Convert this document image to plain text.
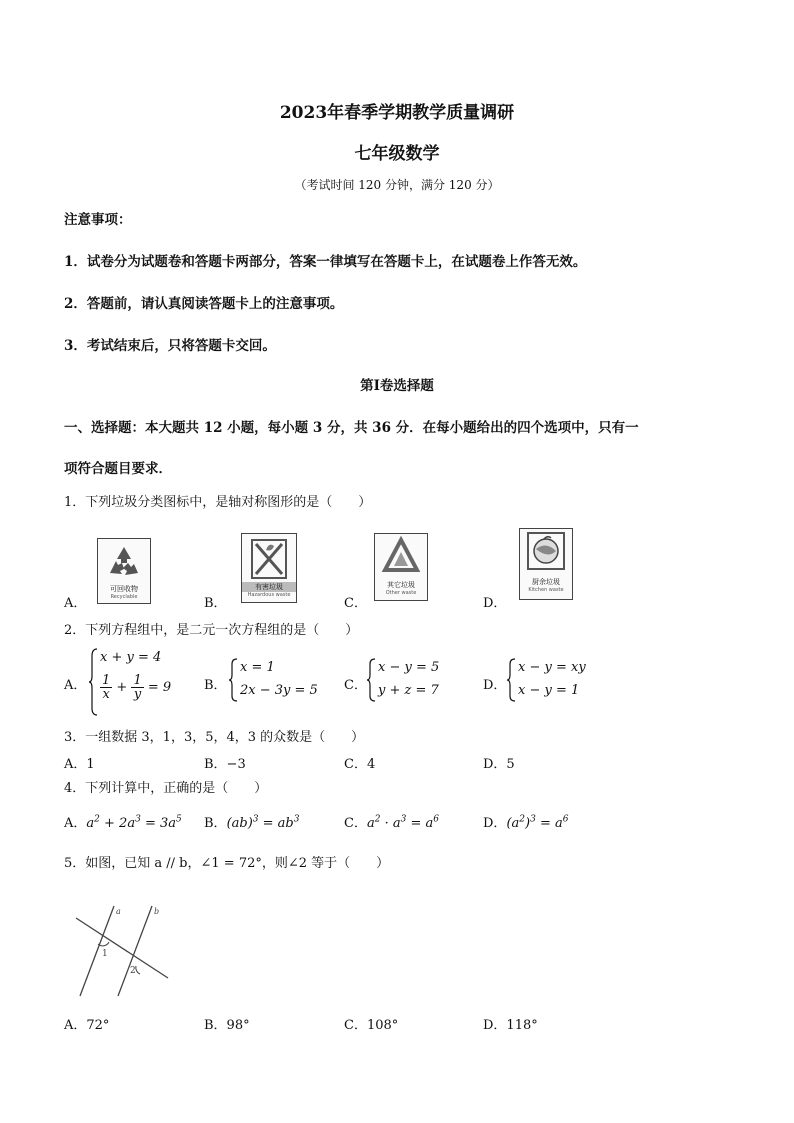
2023年春季学期教学质量调研
七年级数学
（考试时间 120 分钟，满分 120 分）
注意事项：
1．试卷分为试题卷和答题卡两部分，答案一律填写在答题卡上，在试题卷上作答无效。
2．答题前，请认真阅读答题卡上的注意事项。
3．考试结束后，只将答题卡交回。
第Ⅰ卷选择题
一、选择题：本大题共 12 小题，每小题 3 分，共 36 分．在每小题给出的四个选项中，只有一
项符合题目要求．
1．下列垃圾分类图标中，是轴对称图形的是（　　）
A．	B．	C．	D．
可回收物
Recyclable
有害垃圾
Hazardous waste
其它垃圾
Other waste
厨余垃圾
Kitchen waste
2．下列方程组中，是二元一次方程组的是（　　）
A．
x + y = 4
$\frac{1}{x} + \frac{1}{y} = 9$	B．
x = 1
2x − 3y = 5 C．
x − y = 5
y + z = 7	D．
x − y = xy
x − y = 1
3．一组数据 3，1，3，5，4，3 的众数是（　　）
A．1	B．−3	C．4	D．5
4．下列计算中，正确的是（　　）
A．$a^2 + 2a^3 = 3a^5$ B．$(ab)^3 = ab^3$	C．$a^2 \cdot a^3 = a^6$	D．$(a^2)^3 = a^6$
5．如图，已知 a // b，∠1 = 72°，则∠2 等于（　　）
a	b
1
2
A．72°	B．98°	C．108°	D．118°
